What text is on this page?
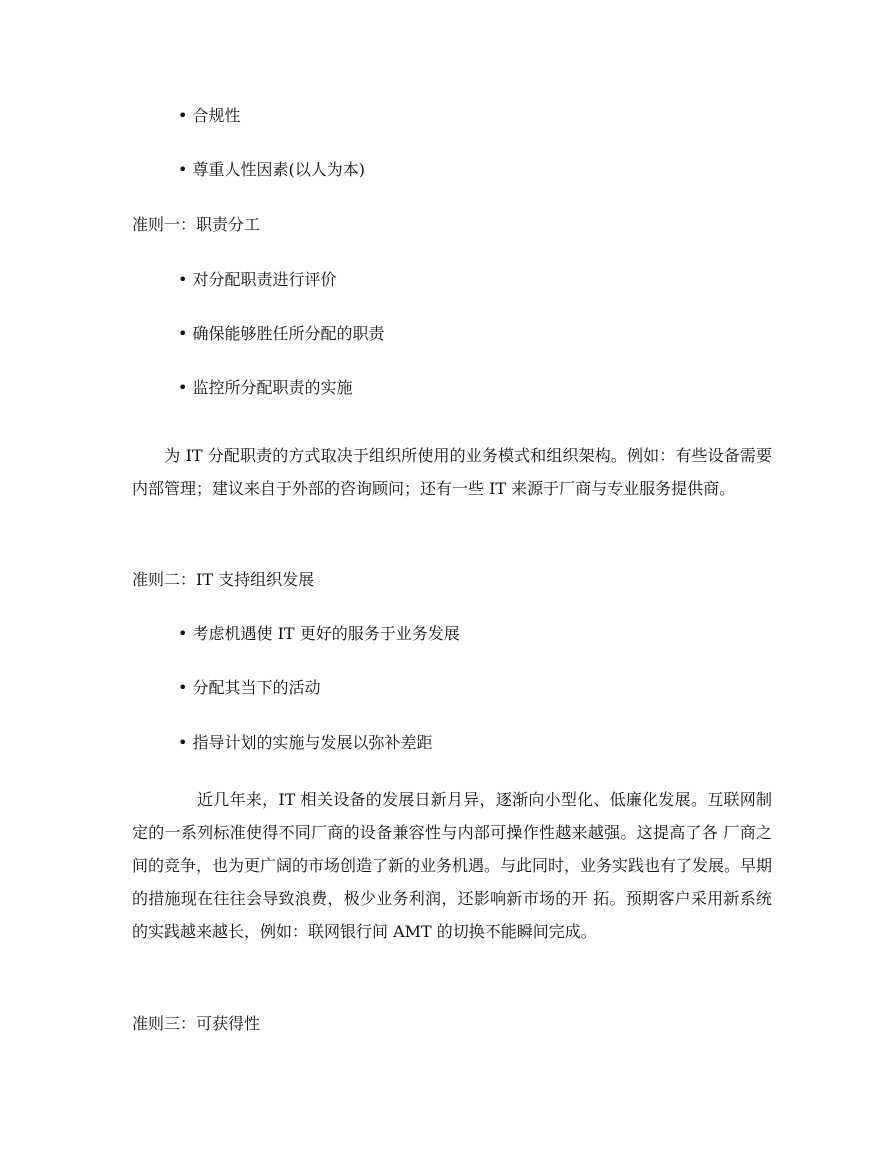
• 合规性
• 尊重人性因素(以人为本)
准则一：职责分工
• 对分配职责进行评价
• 确保能够胜任所分配的职责
• 监控所分配职责的实施
　　为 IT 分配职责的方式取决于组织所使用的业务模式和组织架构。例如：有些设备需要内部管理；建议来自于外部的咨询顾问；还有一些 IT 来源于厂商与专业服务提供商。
准则二：IT 支持组织发展
• 考虑机遇使 IT 更好的服务于业务发展
• 分配其当下的活动
• 指导计划的实施与发展以弥补差距
　　　　近几年来，IT 相关设备的发展日新月异，逐渐向小型化、低廉化发展。互联网制定的一系列标准使得不同厂商的设备兼容性与内部可操作性越来越强。这提高了各 厂商之间的竞争，也为更广阔的市场创造了新的业务机遇。与此同时，业务实践也有了发展。早期的措施现在往往会导致浪费，极少业务利润，还影响新市场的开 拓。预期客户采用新系统的实践越来越长，例如：联网银行间 AMT 的切换不能瞬间完成。
准则三：可获得性
